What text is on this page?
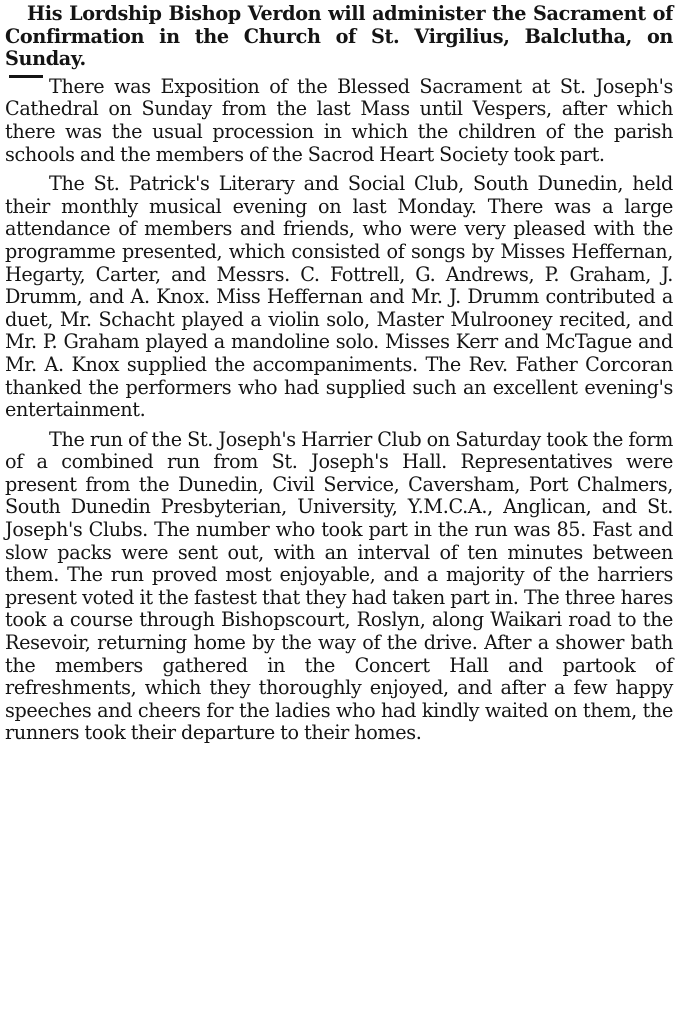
His Lordship Bishop Verdon will administer the Sacrament of Confirmation in the Church of St. Virgilius, Balclutha, on Sunday.

There was Exposition of the Blessed Sacrament at St. Joseph's Cathedral on Sunday from the last Mass until Vespers, after which there was the usual procession in which the children of the parish schools and the members of the Sacrod Heart Society took part.

The St. Patrick's Literary and Social Club, South Dunedin, held their monthly musical evening on last Monday. There was a large attendance of members and friends, who were very pleased with the programme presented, which consisted of songs by Misses Heffernan, Hegarty, Carter, and Messrs. C. Fottrell, G. Andrews, P. Graham, J. Drumm, and A. Knox. Miss Heffernan and Mr. J. Drumm contributed a duet, Mr. Schacht played a violin solo, Master Mulrooney recited, and Mr. P. Graham played a mandoline solo. Misses Kerr and McTague and Mr. A. Knox supplied the accompaniments. The Rev. Father Corcoran thanked the performers who had supplied such an excellent evening's entertainment.

The run of the St. Joseph's Harrier Club on Saturday took the form of a combined run from St. Joseph's Hall. Representatives were present from the Dunedin, Civil Service, Caversham, Port Chalmers, South Dunedin Presbyterian, University, Y.M.C.A., Anglican, and St. Joseph's Clubs. The number who took part in the run was 85. Fast and slow packs were sent out, with an interval of ten minutes between them. The run proved most enjoyable, and a majority of the harriers present voted it the fastest that they had taken part in. The three hares took a course through Bishopscourt, Roslyn, along Waikari road to the Resevoir, returning home by the way of the drive. After a shower bath the members gathered in the Concert Hall and partook of refreshments, which they thoroughly enjoyed, and after a few happy speeches and cheers for the ladies who had kindly waited on them, the runners took their departure to their homes.
